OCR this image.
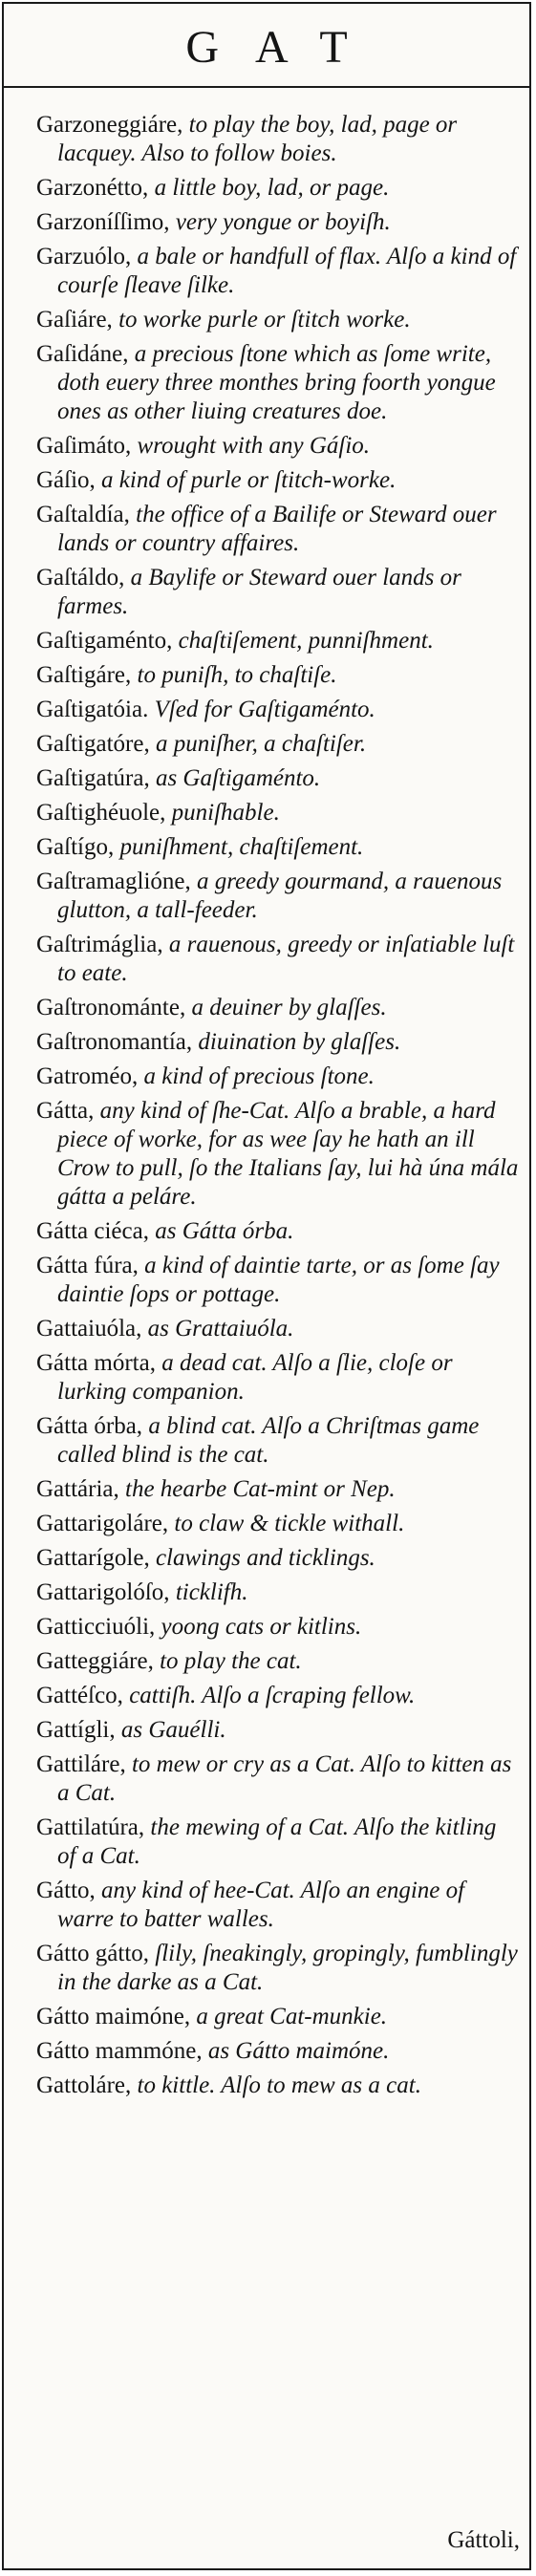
GAT
Garzoneggiáre, to play the boy, lad, page or lacquey. Also to follow boies.
Garzonétto, a little boy, lad, or page.
Garzoníſſimo, very yongue or boyiſh.
Garzuólo, a bale or handfull of flax. Alſo a kind of courſe ſleave ſilke.
Gaſiáre, to worke purle or ſtitch worke.
Gaſidáne, a precious ſtone which as ſome write, doth euery three monthes bring foorth yongue ones as other liuing creatures doe.
Gaſimáto, wrought with any Gáſio.
Gáſio, a kind of purle or ſtitch-worke.
Gaſtaldía, the office of a Bailife or Steward ouer lands or country affaires.
Gaſtáldo, a Baylife or Steward ouer lands or farmes.
Gaſtigaménto, chaſtiſement, punniſhment.
Gaſtigáre, to puniſh, to chaſtiſe.
Gaſtigatóia. Vſed for Gaſtigaménto.
Gaſtigatóre, a puniſher, a chaſtiſer.
Gaſtigatúra, as Gaſtigaménto.
Gaſtighéuole, puniſhable.
Gaſtígo, puniſhment, chaſtiſement.
Gaſtramaglióne, a greedy gourmand, a rauenous glutton, a tall-feeder.
Gaſtrimáglia, a rauenous, greedy or inſatiable luſt to eate.
Gaſtronománte, a deuiner by glaſſes.
Gaſtronomantía, diuination by glaſſes.
Gatroméo, a kind of precious ſtone.
Gátta, any kind of ſhe-Cat. Alſo a brable, a hard piece of worke, for as wee ſay he hath an ill Crow to pull, ſo the Italians ſay, lui hà úna mála gátta a peláre.
Gátta ciéca, as Gátta órba.
Gátta fúra, a kind of daintie tarte, or as ſome ſay daintie ſops or pottage.
Gattaiuóla, as Grattaiuóla.
Gátta mórta, a dead cat. Alſo a ſlie, cloſe or lurking companion.
Gátta órba, a blind cat. Alſo a Chriſtmas game called blind is the cat.
Gattária, the hearbe Cat-mint or Nep.
Gattarigoláre, to claw & tickle withall.
Gattarígole, clawings and ticklings.
Gattarigolóſo, ticklifh.
Gatticciuóli, yoong cats or kitlins.
Gatteggiáre, to play the cat.
Gattéſco, cattiſh. Alſo a ſcraping fellow.
Gattígli, as Gauélli.
Gattiláre, to mew or cry as a Cat. Alſo to kitten as a Cat.
Gattilatúra, the mewing of a Cat. Alſo the kitling of a Cat.
Gátto, any kind of hee-Cat. Alſo an engine of warre to batter walles.
Gátto gátto, ſlily, ſneakingly, gropingly, fumblingly in the darke as a Cat.
Gátto maimóne, a great Cat-munkie.
Gátto mammóne, as Gátto maimóne.
Gattoláre, to kittle. Alſo to mew as a cat.
Gáttoli,
